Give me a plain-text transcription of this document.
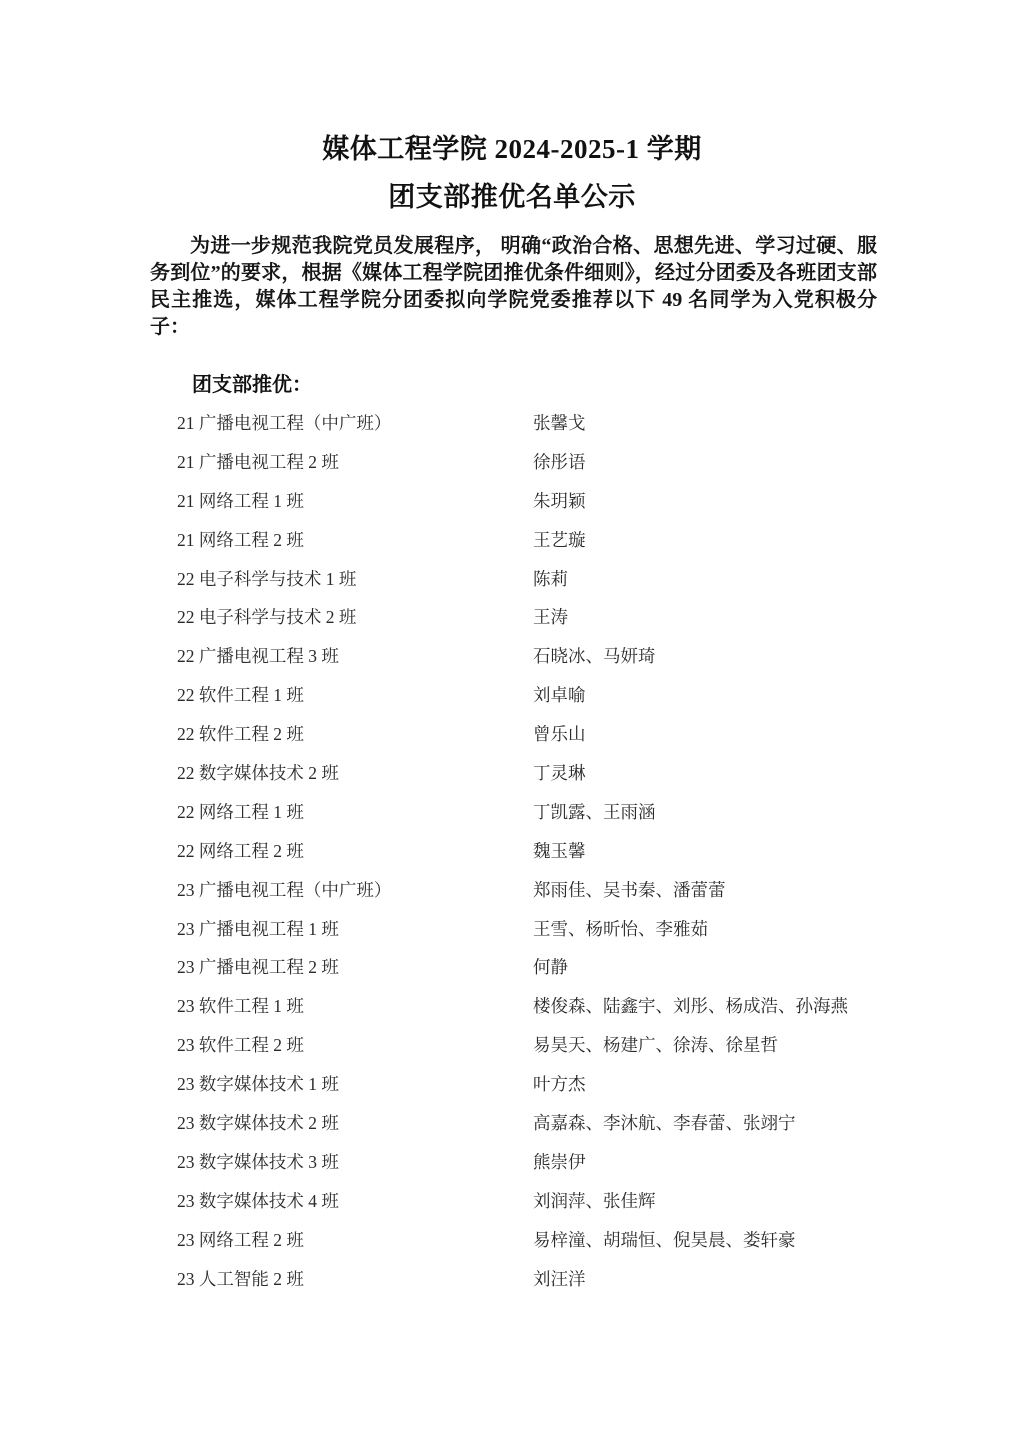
媒体工程学院 2024-2025-1 学期
团支部推优名单公示

为进一步规范我院党员发展程序， 明确“政治合格、思想先进、学习过硬、服务到位”的要求，根据《媒体工程学院团推优条件细则》，经过分团委及各班团支部民主推选，媒体工程学院分团委拟向学院党委推荐以下 49 名同学为入党积极分子：

团支部推优：
21 广播电视工程（中广班）	张馨戈
21 广播电视工程 2 班	徐彤语
21 网络工程 1 班	朱玥颖
21 网络工程 2 班	王艺璇
22 电子科学与技术 1 班	陈莉
22 电子科学与技术 2 班	王涛
22 广播电视工程 3 班	石晓冰、马妍琦
22 软件工程 1 班	刘卓喻
22 软件工程 2 班	曾乐山
22 数字媒体技术 2 班	丁灵琳
22 网络工程 1 班	丁凯露、王雨涵
22 网络工程 2 班	魏玉馨
23 广播电视工程（中广班）	郑雨佳、吴书秦、潘蕾蕾
23 广播电视工程 1 班	王雪、杨昕怡、李雅茹
23 广播电视工程 2 班	何静
23 软件工程 1 班	楼俊森、陆鑫宇、刘彤、杨成浩、孙海燕
23 软件工程 2 班	易昊天、杨建广、徐涛、徐星哲
23 数字媒体技术 1 班	叶方杰
23 数字媒体技术 2 班	高嘉森、李沐航、李春蕾、张翊宁
23 数字媒体技术 3 班	熊崇伊
23 数字媒体技术 4 班	刘润萍、张佳辉
23 网络工程 2 班	易梓潼、胡瑞恒、倪昊晨、娄轩豪
23 人工智能 2 班	刘汪洋
